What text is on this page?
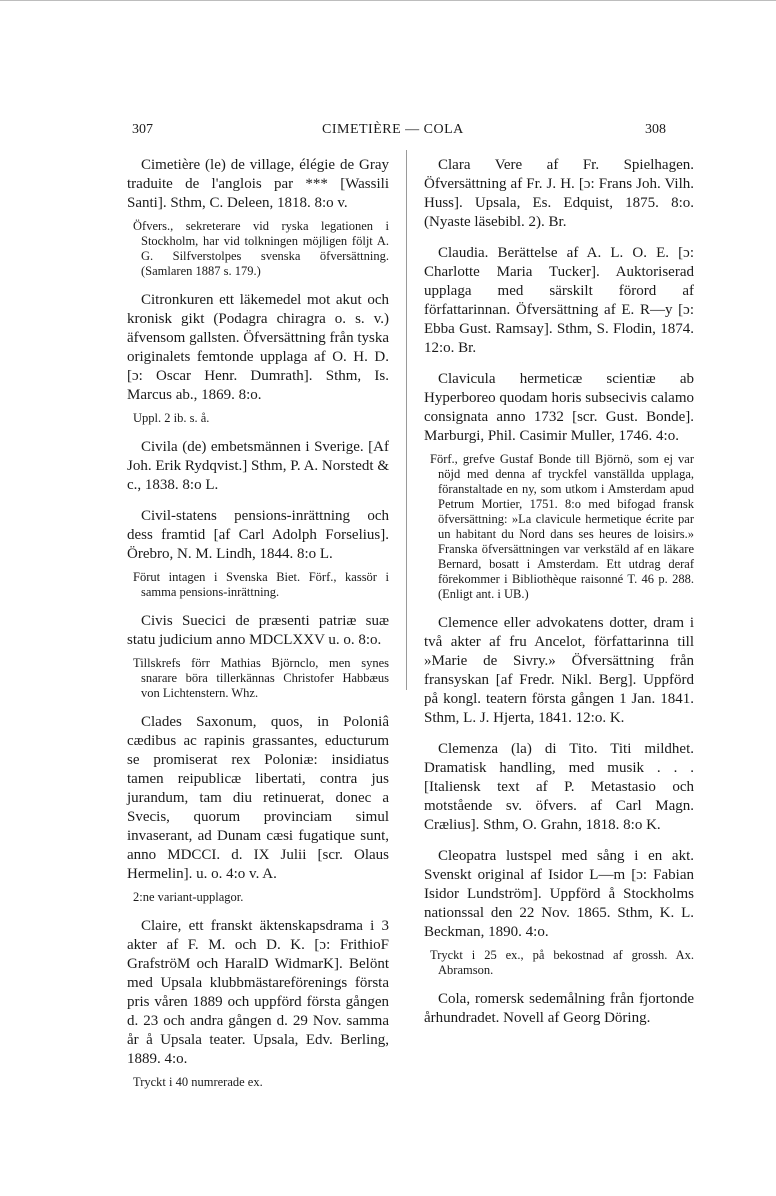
307	CIMETIÈRE — COLA	308

Cimetière (le) de village, élégie de Gray traduite de l'anglois par *** [Wassili Santi]. Sthm, C. Deleen, 1818. 8:o v.

Öfvers., sekreterare vid ryska legationen i Stockholm, har vid tolkningen möjligen följt A. G. Silfverstolpes svenska öfversättning. (Samlaren 1887 s. 179.)

Citronkuren ett läkemedel mot akut och kronisk gikt (Podagra chiragra o. s. v.) äfvensom gallsten. Öfversättning från tyska originalets femtonde upplaga af O. H. D. [ɔ: Oscar Henr. Dumrath]. Sthm, Is. Marcus ab., 1869. 8:o.

Uppl. 2 ib. s. å.

Civila (de) embetsmännen i Sverige. [Af Joh. Erik Rydqvist.] Sthm, P. A. Norstedt & c., 1838. 8:o L.

Civil-statens pensions-inrättning och dess framtid [af Carl Adolph Forselius]. Örebro, N. M. Lindh, 1844. 8:o L.

Förut intagen i Svenska Biet. Förf., kassör i samma pensions-inrättning.

Civis Suecici de præsenti patriæ suæ statu judicium anno MDCLXXV u. o. 8:o.

Tillskrefs förr Mathias Björnclo, men synes snarare böra tillerkännas Christofer Habbæus von Lichtenstern. Whz.

Clades Saxonum, quos, in Poloniâ cædibus ac rapinis grassantes, educturum se promiserat rex Poloniæ: insidiatus tamen reipublicæ libertati, contra jus jurandum, tam diu retinuerat, donec a Svecis, quorum provinciam simul invaserant, ad Dunam cæsi fugatique sunt, anno MDCCI. d. IX Julii [scr. Olaus Hermelin]. u. o. 4:o v. A.

2:ne variant-upplagor.

Claire, ett franskt äktenskapsdrama i 3 akter af F. M. och D. K. [ɔ: FrithioF GrafströM och HaralD WidmarK]. Belönt med Upsala klubbmästareförenings första pris våren 1889 och uppförd första gången d. 23 och andra gången d. 29 Nov. samma år å Upsala teater. Upsala, Edv. Berling, 1889. 4:o.

Tryckt i 40 numrerade ex.

Clara Vere af Fr. Spielhagen. Öfversättning af Fr. J. H. [ɔ: Frans Joh. Vilh. Huss]. Upsala, Es. Edquist, 1875. 8:o. (Nyaste läsebibl. 2). Br.

Claudia. Berättelse af A. L. O. E. [ɔ: Charlotte Maria Tucker]. Auktoriserad upplaga med särskilt förord af författarinnan. Öfversättning af E. R—y [ɔ: Ebba Gust. Ramsay]. Sthm, S. Flodin, 1874. 12:o. Br.

Clavicula hermeticæ scientiæ ab Hyperboreo quodam horis subsecivis calamo consignata anno 1732 [scr. Gust. Bonde]. Marburgi, Phil. Casimir Muller, 1746. 4:o.

Förf., grefve Gustaf Bonde till Björnö, som ej var nöjd med denna af tryckfel vanställda upplaga, föranstaltade en ny, som utkom i Amsterdam apud Petrum Mortier, 1751. 8:o med bifogad fransk öfversättning: »La clavicule hermetique écrite par un habitant du Nord dans ses heures de loisirs.» Franska öfversättningen var verkstäld af en läkare Bernard, bosatt i Amsterdam. Ett utdrag deraf förekommer i Bibliothèque raisonné T. 46 p. 288. (Enligt ant. i UB.)

Clemence eller advokatens dotter, dram i två akter af fru Ancelot, författarinna till »Marie de Sivry.» Öfversättning från fransyskan [af Fredr. Nikl. Berg]. Uppförd på kongl. teatern första gången 1 Jan. 1841. Sthm, L. J. Hjerta, 1841. 12:o. K.

Clemenza (la) di Tito. Titi mildhet. Dramatisk handling, med musik . . . [Italiensk text af P. Metastasio och motstående sv. öfvers. af Carl Magn. Crælius]. Sthm, O. Grahn, 1818. 8:o K.

Cleopatra lustspel med sång i en akt. Svenskt original af Isidor L—m [ɔ: Fabian Isidor Lundström]. Uppförd å Stockholms nationssal den 22 Nov. 1865. Sthm, K. L. Beckman, 1890. 4:o.

Tryckt i 25 ex., på bekostnad af grossh. Ax. Abramson.

Cola, romersk sedemålning från fjortonde århundradet. Novell af Georg Döring.
